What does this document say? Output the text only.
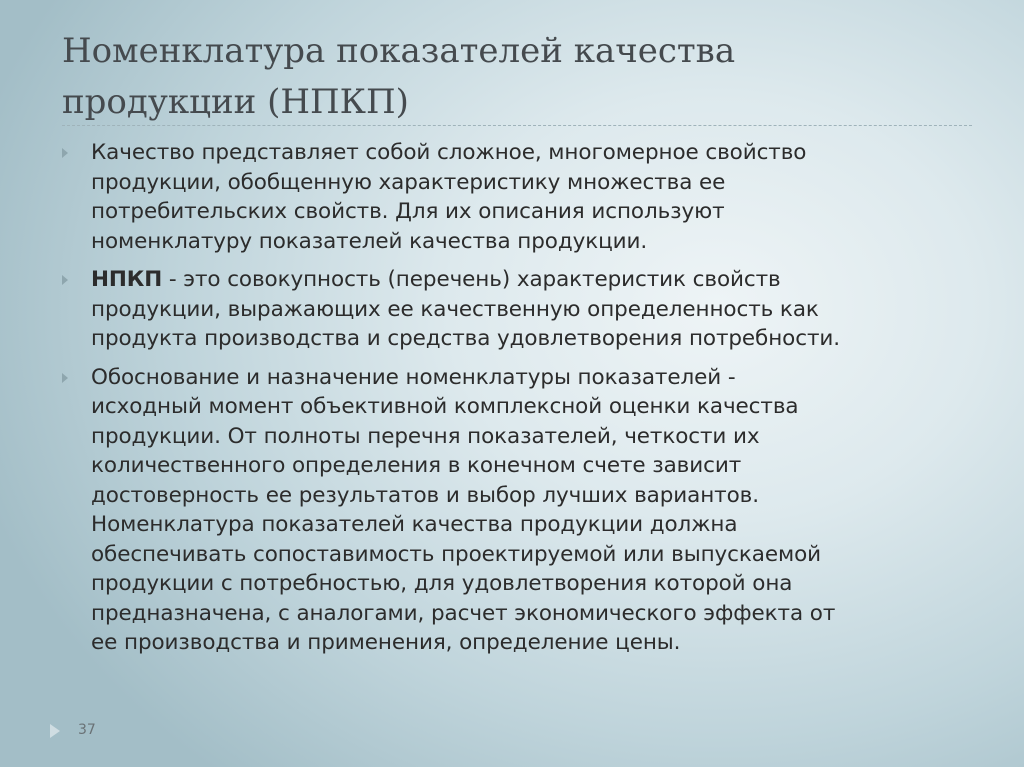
Номенклатура показателей качества
продукции (НПКП)
Качество представляет собой сложное, многомерное свойство
продукции, обобщенную характеристику множества ее
потребительских свойств. Для их описания используют
номенклатуру показателей качества продукции.
НПКП - это совокупность (перечень) характеристик свойств
продукции, выражающих ее качественную определенность как
продукта производства и средства удовлетворения потребности.
Обоснование и назначение номенклатуры показателей -
исходный момент объективной комплексной оценки качества
продукции. От полноты перечня показателей, четкости их
количественного определения в конечном счете зависит
достоверность ее результатов и выбор лучших вариантов.
Номенклатура показателей качества продукции должна
обеспечивать сопоставимость проектируемой или выпускаемой
продукции с потребностью, для удовлетворения которой она
предназначена, с аналогами, расчет экономического эффекта от
ее производства и применения, определение цены.
37
